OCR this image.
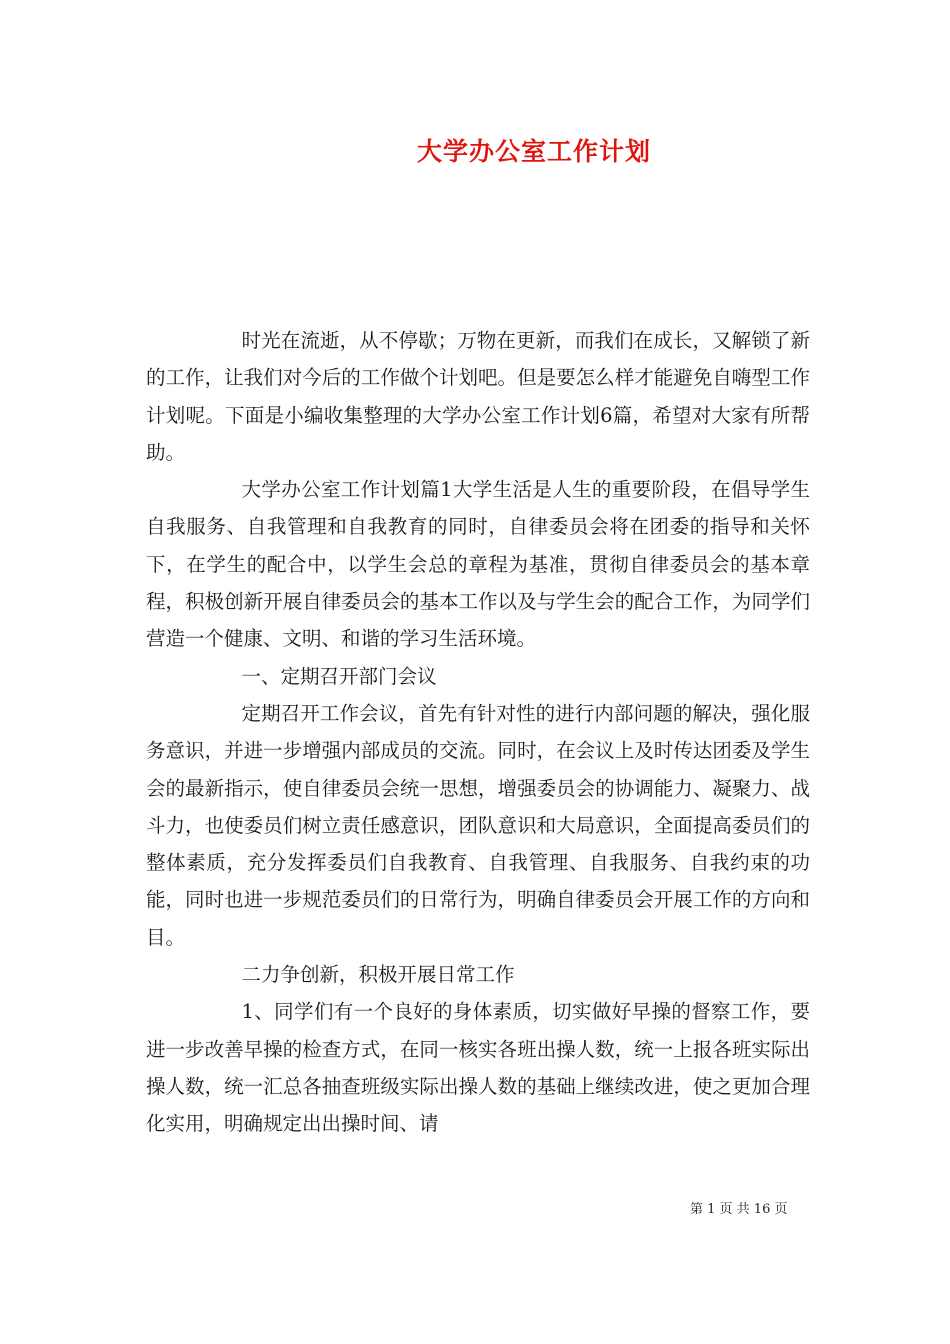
大学办公室工作计划

时光在流逝，从不停歇；万物在更新，而我们在成长，又解锁了新的工作，让我们对今后的工作做个计划吧。但是要怎么样才能避免自嗨型工作计划呢。下面是小编收集整理的大学办公室工作计划6篇，希望对大家有所帮助。

大学办公室工作计划篇1大学生活是人生的重要阶段，在倡导学生自我服务、自我管理和自我教育的同时，自律委员会将在团委的指导和关怀下，在学生的配合中，以学生会总的章程为基准，贯彻自律委员会的基本章程，积极创新开展自律委员会的基本工作以及与学生会的配合工作，为同学们营造一个健康、文明、和谐的学习生活环境。

一、定期召开部门会议

定期召开工作会议，首先有针对性的进行内部问题的解决，强化服务意识，并进一步增强内部成员的交流。同时，在会议上及时传达团委及学生会的最新指示，使自律委员会统一思想，增强委员会的协调能力、凝聚力、战斗力，也使委员们树立责任感意识，团队意识和大局意识，全面提高委员们的整体素质，充分发挥委员们自我教育、自我管理、自我服务、自我约束的功能，同时也进一步规范委员们的日常行为，明确自律委员会开展工作的方向和目。

二力争创新，积极开展日常工作

1、同学们有一个良好的身体素质，切实做好早操的督察工作，要进一步改善早操的检查方式，在同一核实各班出操人数，统一上报各班实际出操人数，统一汇总各抽查班级实际出操人数的基础上继续改进，使之更加合理化实用，明确规定出出操时间、请

第 1 页 共 16 页
